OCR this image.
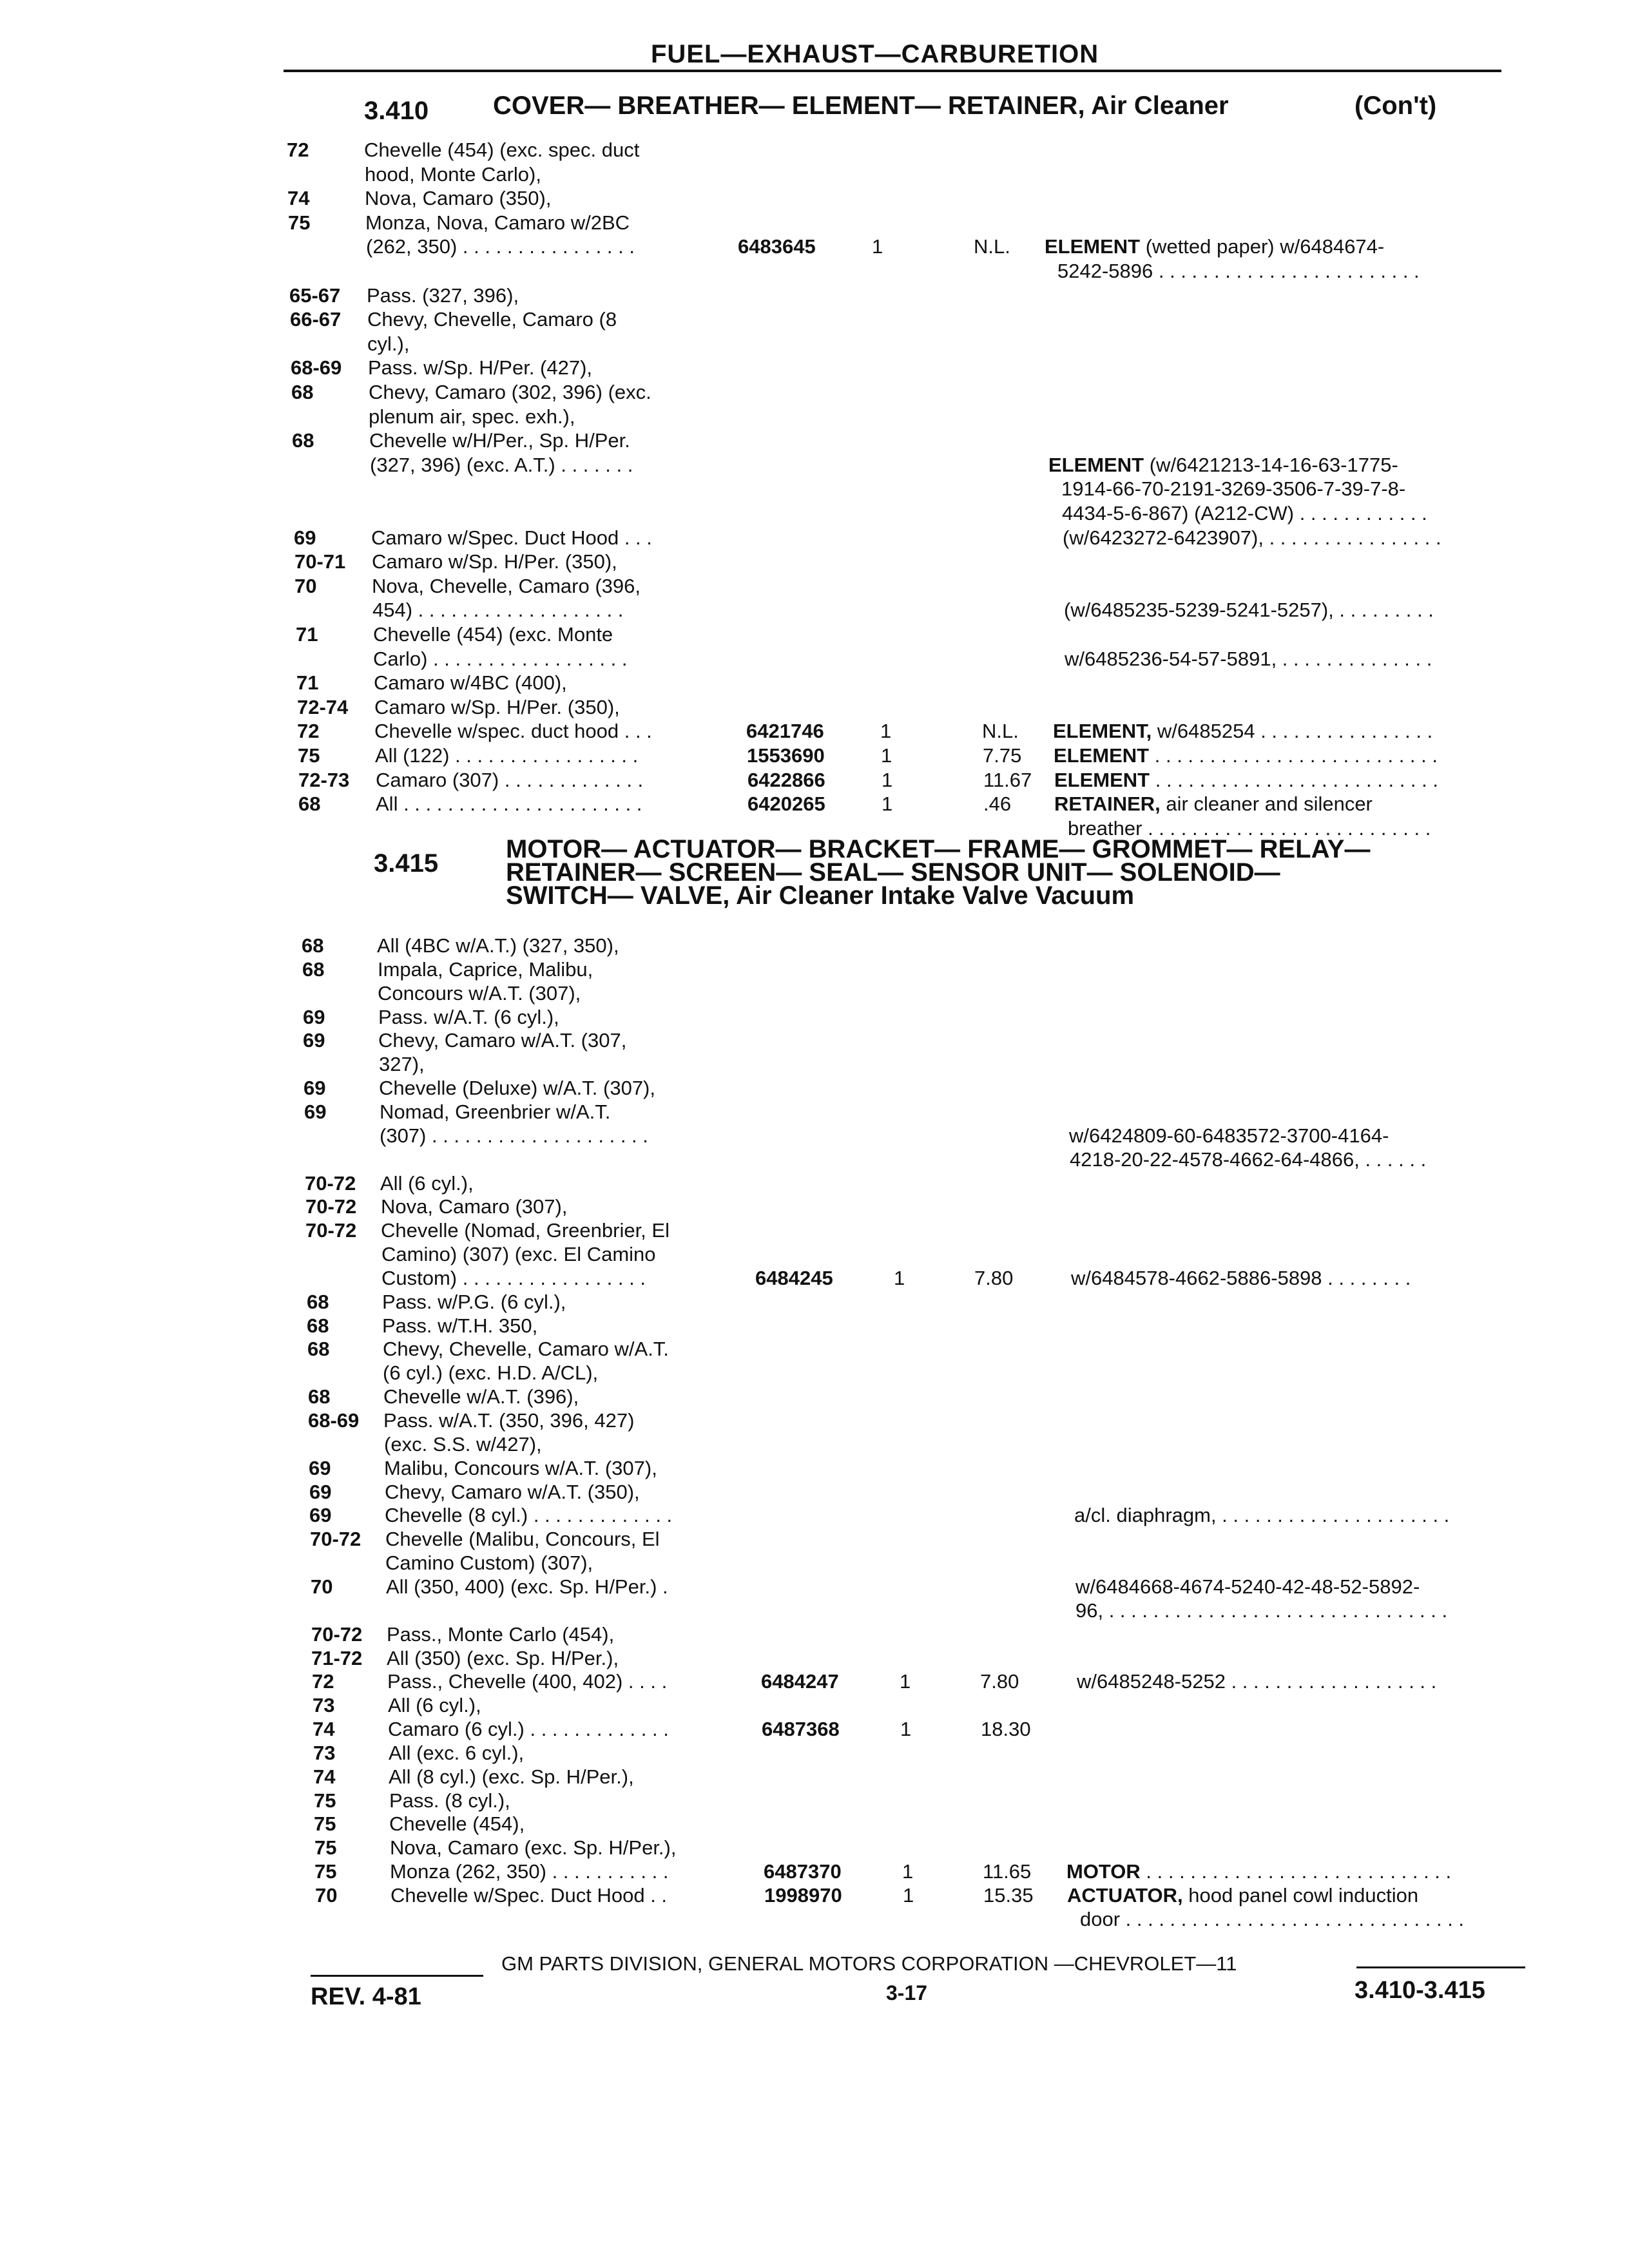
FUEL—EXHAUST—CARBURETION
3.410 COVER— BREATHER— ELEMENT— RETAINER, Air Cleaner	(Con't)
72	Chevelle (454) (exc. spec. duct
hood, Monte Carlo),
74	Nova, Camaro (350),
75	Monza, Nova, Camaro w/2BC
(262, 350) . . . . . . . . . . . . . . . .	6483645	1	N.L. ELEMENT (wetted paper) w/6484674-
5242-5896 . . . . . . . . . . . . . . . . . . . . . . . .
65-67 Pass. (327, 396),
66-67 Chevy, Chevelle, Camaro (8
cyl.),
68-69 Pass. w/Sp. H/Per. (427),
68	Chevy, Camaro (302, 396) (exc.
plenum air, spec. exh.),
68	Chevelle w/H/Per., Sp. H/Per.
(327, 396) (exc. A.T.) . . . . . . .	ELEMENT (w/6421213-14-16-63-1775-
1914-66-70-2191-3269-3506-7-39-7-8-
4434-5-6-867) (A212-CW) . . . . . . . . . . . .
69	Camaro w/Spec. Duct Hood . . .	(w/6423272-6423907), . . . . . . . . . . . . . . . .
70-71 Camaro w/Sp. H/Per. (350),
70	Nova, Chevelle, Camaro (396,
454) . . . . . . . . . . . . . . . . . . .	(w/6485235-5239-5241-5257), . . . . . . . . .
71	Chevelle (454) (exc. Monte
Carlo) . . . . . . . . . . . . . . . . . .	w/6485236-54-57-5891, . . . . . . . . . . . . . .
71	Camaro w/4BC (400),
72-74 Camaro w/Sp. H/Per. (350),
72	Chevelle w/spec. duct hood . . .	6421746	1	N.L. ELEMENT, w/6485254 . . . . . . . . . . . . . . . .
75	All (122) . . . . . . . . . . . . . . . . .	1553690	1	7.75 ELEMENT . . . . . . . . . . . . . . . . . . . . . . . . . .
72-73 Camaro (307) . . . . . . . . . . . . .	6422866	1	11.67 ELEMENT . . . . . . . . . . . . . . . . . . . . . . . . . .
68	All . . . . . . . . . . . . . . . . . . . . . .	6420265	1	.46 RETAINER, air cleaner and silencer
breather . . . . . . . . . . . . . . . . . . . . . . . . . .
3.415	MOTOR— ACTUATOR— BRACKET— FRAME— GROMMET— RELAY—
RETAINER— SCREEN— SEAL— SENSOR UNIT— SOLENOID—
SWITCH— VALVE, Air Cleaner Intake Valve Vacuum
68	All (4BC w/A.T.) (327, 350),
68	Impala, Caprice, Malibu,
Concours w/A.T. (307),
69	Pass. w/A.T. (6 cyl.),
69	Chevy, Camaro w/A.T. (307,
327),
69	Chevelle (Deluxe) w/A.T. (307),
69	Nomad, Greenbrier w/A.T.
(307) . . . . . . . . . . . . . . . . . . . .	w/6424809-60-6483572-3700-4164-
4218-20-22-4578-4662-64-4866, . . . . . .
70-72 All (6 cyl.),
70-72 Nova, Camaro (307),
70-72 Chevelle (Nomad, Greenbrier, El
Camino) (307) (exc. El Camino
Custom) . . . . . . . . . . . . . . . . .	6484245	1	7.80	w/6484578-4662-5886-5898 . . . . . . . .
68	Pass. w/P.G. (6 cyl.),
68	Pass. w/T.H. 350,
68	Chevy, Chevelle, Camaro w/A.T.
(6 cyl.) (exc. H.D. A/CL),
68	Chevelle w/A.T. (396),
68-69 Pass. w/A.T. (350, 396, 427)
(exc. S.S. w/427),
69	Malibu, Concours w/A.T. (307),
69	Chevy, Camaro w/A.T. (350),
69	Chevelle (8 cyl.) . . . . . . . . . . . . .	a/cl. diaphragm, . . . . . . . . . . . . . . . . . . . . .
70-72 Chevelle (Malibu, Concours, El
Camino Custom) (307),
70	All (350, 400) (exc. Sp. H/Per.) .	w/6484668-4674-5240-42-48-52-5892-
96, . . . . . . . . . . . . . . . . . . . . . . . . . . . . . . .
70-72 Pass., Monte Carlo (454),
71-72 All (350) (exc. Sp. H/Per.),
72	Pass., Chevelle (400, 402) . . . .	6484247	1	7.80	w/6485248-5252 . . . . . . . . . . . . . . . . . . .
73	All (6 cyl.),
74	Camaro (6 cyl.) . . . . . . . . . . . . .	6487368	1	18.30
73	All (exc. 6 cyl.),
74	All (8 cyl.) (exc. Sp. H/Per.),
75	Pass. (8 cyl.),
75	Chevelle (454),
75	Nova, Camaro (exc. Sp. H/Per.),
75	Monza (262, 350) . . . . . . . . . . .	6487370	1	11.65 MOTOR . . . . . . . . . . . . . . . . . . . . . . . . . . . .
70	Chevelle w/Spec. Duct Hood . .	1998970	1	15.35 ACTUATOR, hood panel cowl induction
door . . . . . . . . . . . . . . . . . . . . . . . . . . . . . . .
GM PARTS DIVISION, GENERAL MOTORS CORPORATION —CHEVROLET—11
REV. 4-81	3-17	3.410-3.415
